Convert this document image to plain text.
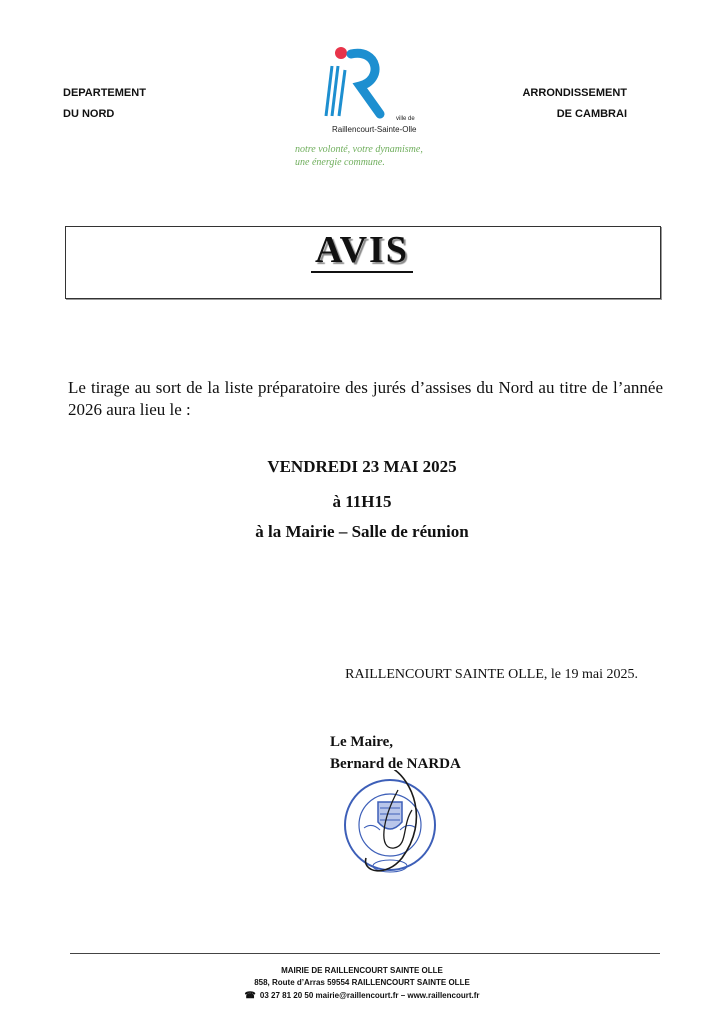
DEPARTEMENT
DU NORD
ARRONDISSEMENT
DE CAMBRAI
ville de
Raillencourt-Sainte-Olle
notre volonté, votre dynamisme,
une énergie commune.
AVIS
Le tirage au sort de la liste préparatoire des jurés d’assises du Nord au titre de l’année 2026 aura lieu le :
VENDREDI 23 MAI 2025
à 11H15
à la Mairie – Salle de réunion
RAILLENCOURT SAINTE OLLE, le 19 mai 2025.
Le Maire,
Bernard de NARDA
MAIRIE DE RAILLENCOURT SAINTE OLLE
858, Route d’Arras 59554 RAILLENCOURT SAINTE OLLE
☎ 03 27 81 20 50 mairie@raillencourt.fr – www.raillencourt.fr
